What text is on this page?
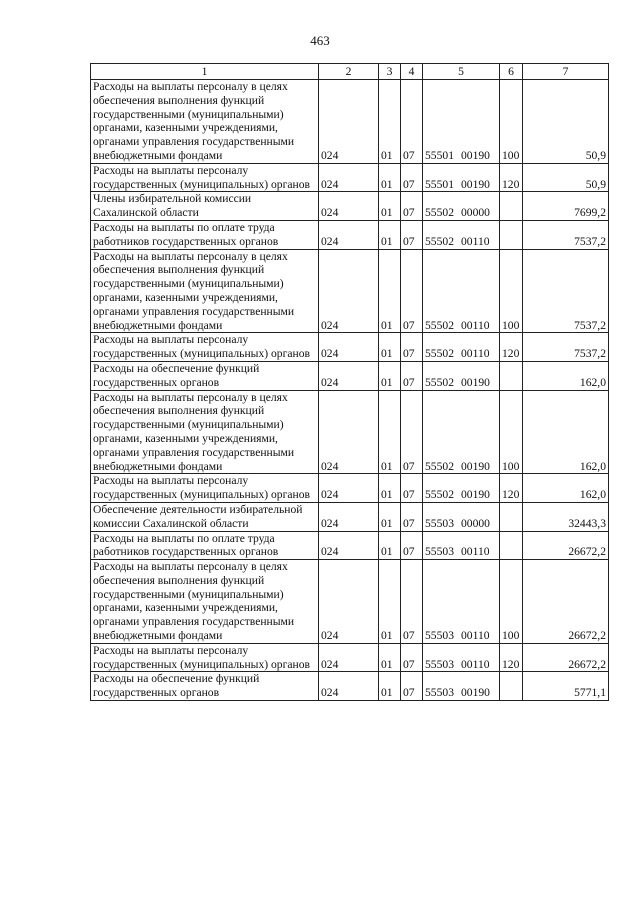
463
1	2	3	4	5	6	7
Расходы на выплаты персоналу в целях обеспечения выполнения функций государственными (муниципальными) органами, казенными учреждениями, органами управления государственными внебюджетными фондами	024	01	07	55501 00190	100	50,9
Расходы на выплаты персоналу государственных (муниципальных) органов	024	01	07	55501 00190	120	50,9
Члены избирательной комиссии Сахалинской области	024	01	07	55502 00000		7699,2
Расходы на выплаты по оплате труда работников государственных органов	024	01	07	55502 00110		7537,2
Расходы на выплаты персоналу в целях обеспечения выполнения функций государственными (муниципальными) органами, казенными учреждениями, органами управления государственными внебюджетными фондами	024	01	07	55502 00110	100	7537,2
Расходы на выплаты персоналу государственных (муниципальных) органов	024	01	07	55502 00110	120	7537,2
Расходы на обеспечение функций государственных органов	024	01	07	55502 00190		162,0
Расходы на выплаты персоналу в целях обеспечения выполнения функций государственными (муниципальными) органами, казенными учреждениями, органами управления государственными внебюджетными фондами	024	01	07	55502 00190	100	162,0
Расходы на выплаты персоналу государственных (муниципальных) органов	024	01	07	55502 00190	120	162,0
Обеспечение деятельности избирательной комиссии Сахалинской области	024	01	07	55503 00000		32443,3
Расходы на выплаты по оплате труда работников государственных органов	024	01	07	55503 00110		26672,2
Расходы на выплаты персоналу в целях обеспечения выполнения функций государственными (муниципальными) органами, казенными учреждениями, органами управления государственными внебюджетными фондами	024	01	07	55503 00110	100	26672,2
Расходы на выплаты персоналу государственных (муниципальных) органов	024	01	07	55503 00110	120	26672,2
Расходы на обеспечение функций государственных органов	024	01	07	55503 00190		5771,1
